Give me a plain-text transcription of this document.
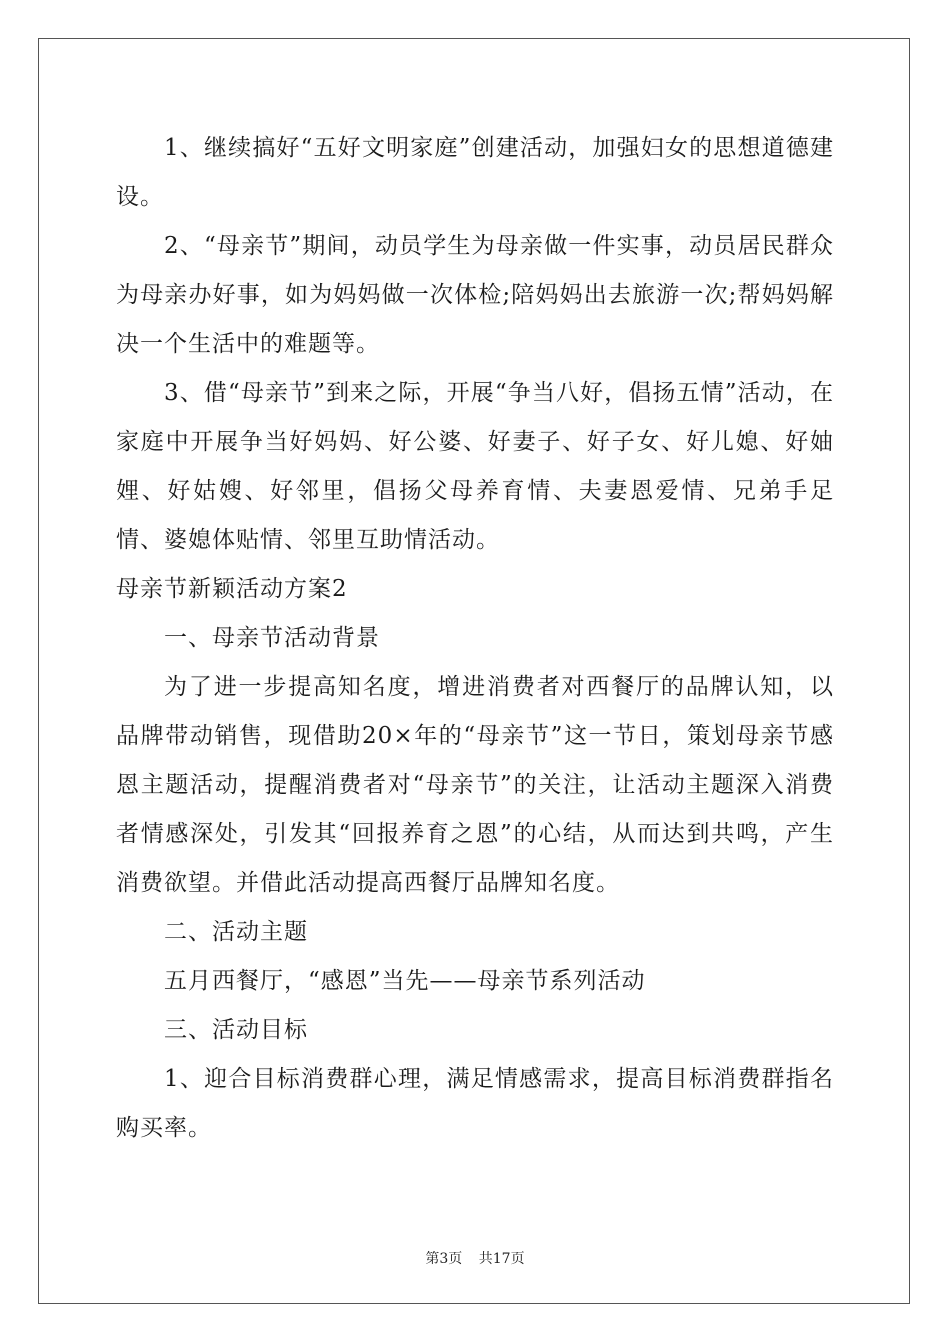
1、继续搞好“五好文明家庭”创建活动，加强妇女的思想道德建设。

2、“母亲节”期间，动员学生为母亲做一件实事，动员居民群众为母亲办好事，如为妈妈做一次体检;陪妈妈出去旅游一次;帮妈妈解决一个生活中的难题等。

3、借“母亲节”到来之际，开展“争当八好，倡扬五情”活动，在家庭中开展争当好妈妈、好公婆、好妻子、好子女、好儿媳、好妯娌、好姑嫂、好邻里，倡扬父母养育情、夫妻恩爱情、兄弟手足情、婆媳体贴情、邻里互助情活动。

母亲节新颖活动方案2

一、母亲节活动背景

为了进一步提高知名度，增进消费者对西餐厅的品牌认知，以品牌带动销售，现借助20×年的“母亲节”这一节日，策划母亲节感恩主题活动，提醒消费者对“母亲节”的关注，让活动主题深入消费者情感深处，引发其“回报养育之恩”的心结，从而达到共鸣，产生消费欲望。并借此活动提高西餐厅品牌知名度。

二、活动主题

五月西餐厅，“感恩”当先——母亲节系列活动

三、活动目标

1、迎合目标消费群心理，满足情感需求，提高目标消费群指名购买率。

第3页 共17页
